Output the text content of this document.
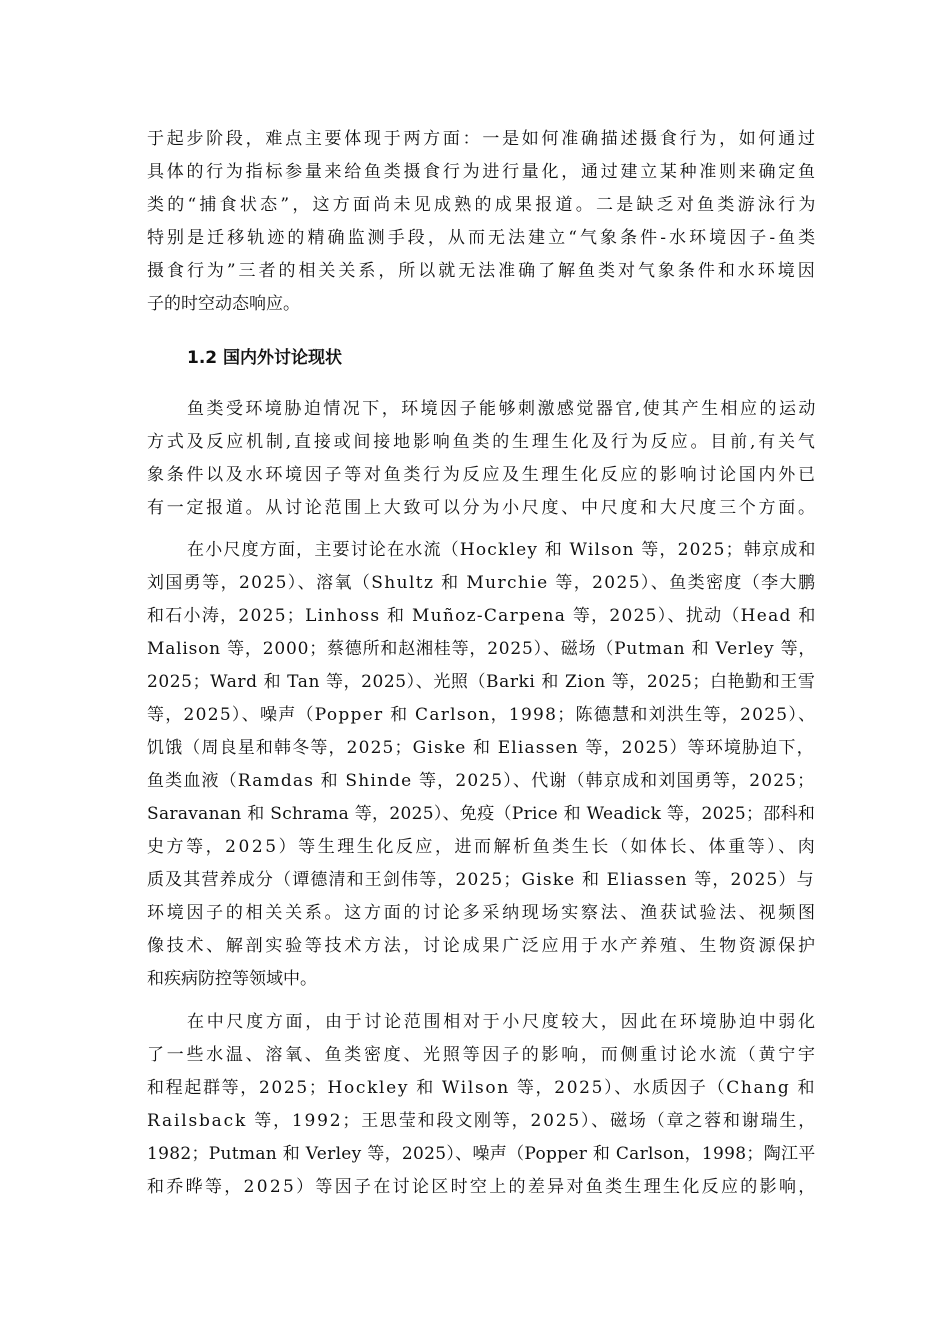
于起步阶段，难点主要体现于两方面：一是如何准确描述摄食行为，如何通过

具体的行为指标参量来给鱼类摄食行为进行量化，通过建立某种准则来确定鱼

类的“捕食状态”，这方面尚未见成熟的成果报道。二是缺乏对鱼类游泳行为

特别是迁移轨迹的精确监测手段，从而无法建立“气象条件-水环境因子-鱼类

摄食行为”三者的相关关系，所以就无法准确了解鱼类对气象条件和水环境因

子的时空动态响应。

1.2 国内外讨论现状

鱼类受环境胁迫情况下，环境因子能够刺激感觉器官,使其产生相应的运动

方式及反应机制,直接或间接地影响鱼类的生理生化及行为反应。目前,有关气

象条件以及水环境因子等对鱼类行为反应及生理生化反应的影响讨论国内外已

有一定报道。从讨论范围上大致可以分为小尺度、中尺度和大尺度三个方面。

在小尺度方面，主要讨论在水流（Hockley 和 Wilson 等，2025；韩京成和

刘国勇等，2025）、溶氧（Shultz 和 Murchie 等，2025）、鱼类密度（李大鹏

和石小涛，2025；Linhoss 和 Muñoz-Carpena 等，2025）、扰动（Head 和

Malison 等，2000；蔡德所和赵湘桂等，2025）、磁场（Putman 和 Verley 等，

2025；Ward 和 Tan 等，2025）、光照（Barki 和 Zion 等，2025；白艳勤和王雪

等，2025）、噪声（Popper 和 Carlson，1998；陈德慧和刘洪生等，2025）、

饥饿（周良星和韩冬等，2025；Giske 和 Eliassen 等，2025）等环境胁迫下，

鱼类血液（Ramdas 和 Shinde 等，2025）、代谢（韩京成和刘国勇等，2025；

Saravanan 和 Schrama 等，2025）、免疫（Price 和 Weadick 等，2025；邵科和

史方等，2025）等生理生化反应，进而解析鱼类生长（如体长、体重等）、肉

质及其营养成分（谭德清和王剑伟等，2025；Giske 和 Eliassen 等，2025）与

环境因子的相关关系。这方面的讨论多采纳现场实察法、渔获试验法、视频图

像技术、解剖实验等技术方法，讨论成果广泛应用于水产养殖、生物资源保护

和疾病防控等领域中。

在中尺度方面，由于讨论范围相对于小尺度较大，因此在环境胁迫中弱化

了一些水温、溶氧、鱼类密度、光照等因子的影响，而侧重讨论水流（黄宁宇

和程起群等，2025；Hockley 和 Wilson 等，2025）、水质因子（Chang 和

Railsback 等，1992；王思莹和段文刚等，2025）、磁场（章之蓉和谢瑞生，

1982；Putman 和 Verley 等，2025）、噪声（Popper 和 Carlson，1998；陶江平

和乔晔等，2025）等因子在讨论区时空上的差异对鱼类生理生化反应的影响，
